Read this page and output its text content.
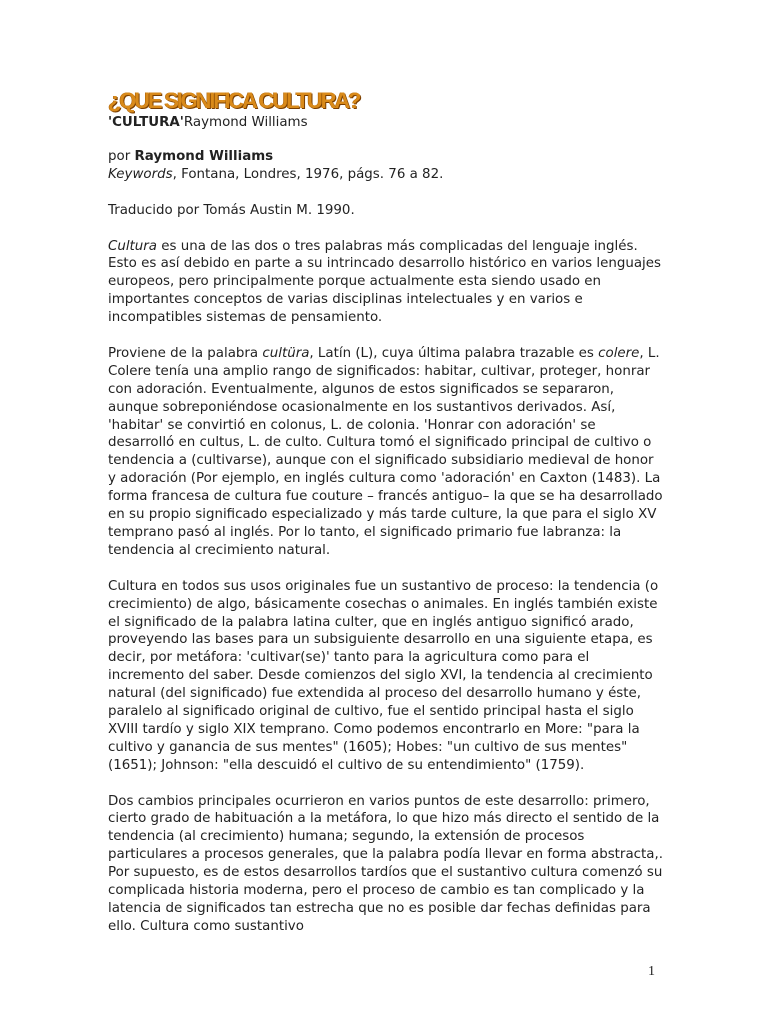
¿QUE SIGNIFICA CULTURA?
'CULTURA'Raymond Williams

por Raymond Williams
Keywords, Fontana, Londres, 1976, págs. 76 a 82.

Traducido por Tomás Austin M. 1990.

Cultura es una de las dos o tres palabras más complicadas del lenguaje inglés. Esto es así debido en parte a su intrincado desarrollo histórico en varios lenguajes europeos, pero principalmente porque actualmente esta siendo usado en importantes conceptos de varias disciplinas intelectuales y en varios e incompatibles sistemas de pensamiento.

Proviene de la palabra cultüra, Latín (L), cuya última palabra trazable es colere, L. Colere tenía una amplio rango de significados: habitar, cultivar, proteger, honrar con adoración. Eventualmente, algunos de estos significados se separaron, aunque sobreponiéndose ocasionalmente en los sustantivos derivados. Así, 'habitar' se convirtió en colonus, L. de colonia. 'Honrar con adoración' se desarrolló en cultus, L. de culto. Cultura tomó el significado principal de cultivo o tendencia a (cultivarse), aunque con el significado subsidiario medieval de honor y adoración (Por ejemplo, en inglés cultura como 'adoración' en Caxton (1483). La forma francesa de cultura fue couture – francés antiguo– la que se ha desarrollado en su propio significado especializado y más tarde culture, la que para el siglo XV temprano pasó al inglés. Por lo tanto, el significado primario fue labranza: la tendencia al crecimiento natural.

Cultura en todos sus usos originales fue un sustantivo de proceso: la tendencia (o crecimiento) de algo, básicamente cosechas o animales. En inglés también existe el significado de la palabra latina culter, que en inglés antiguo significó arado, proveyendo las bases para un subsiguiente desarrollo en una siguiente etapa, es decir, por metáfora: 'cultivar(se)' tanto para la agricultura como para el incremento del saber. Desde comienzos del siglo XVI, la tendencia al crecimiento natural (del significado) fue extendida al proceso del desarrollo humano y éste, paralelo al significado original de cultivo, fue el sentido principal hasta el siglo XVIII tardío y siglo XIX temprano. Como podemos encontrarlo en More: "para la cultivo y ganancia de sus mentes" (1605); Hobes: "un cultivo de sus mentes" (1651); Johnson: "ella descuidó el cultivo de su entendimiento" (1759).

Dos cambios principales ocurrieron en varios puntos de este desarrollo: primero, cierto grado de habituación a la metáfora, lo que hizo más directo el sentido de la tendencia (al crecimiento) humana; segundo, la extensión de procesos particulares a procesos generales, que la palabra podía llevar en forma abstracta,. Por supuesto, es de estos desarrollos tardíos que el sustantivo cultura comenzó su complicada historia moderna, pero el proceso de cambio es tan complicado y la latencia de significados tan estrecha que no es posible dar fechas definidas para ello. Cultura como sustantivo

1
